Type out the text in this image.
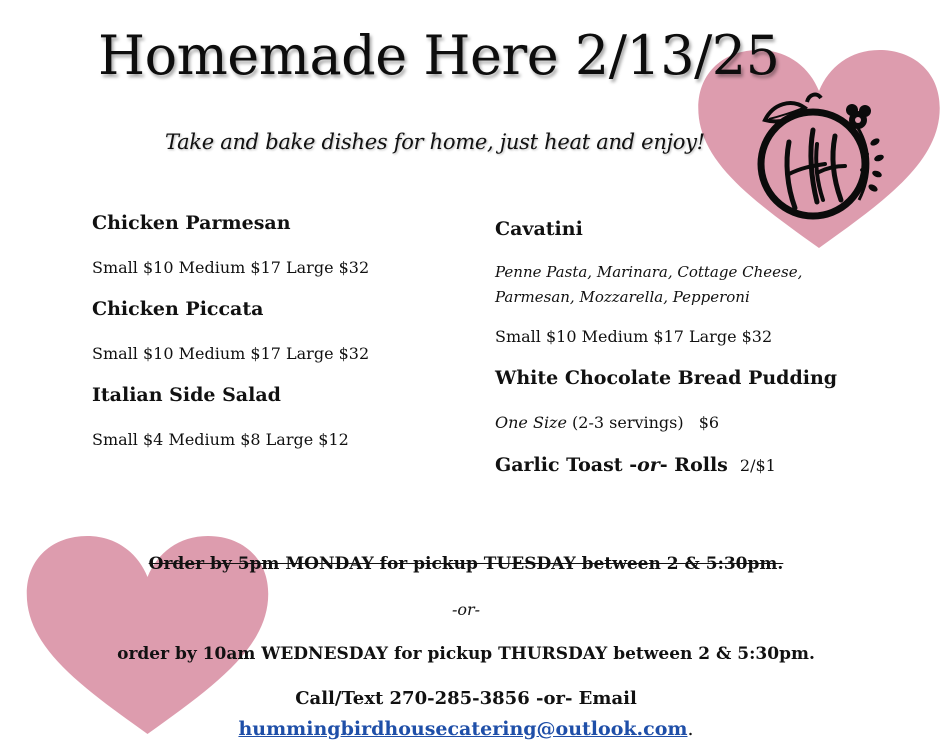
Homemade Here 2/13/25
Take and bake dishes for home, just heat and enjoy!
Chicken Parmesan
Small $10 Medium $17 Large $32
Chicken Piccata
Small $10 Medium $17 Large $32
Italian Side Salad
Small $4 Medium $8 Large $12
Cavatini
Penne Pasta, Marinara, Cottage Cheese,
Parmesan, Mozzarella, Pepperoni
Small $10 Medium $17 Large $32
White Chocolate Bread Pudding
One Size (2-3 servings) $6
Garlic Toast -or- Rolls 2/$1
Order by 5pm MONDAY for pickup TUESDAY between 2 & 5:30pm.
-or-
order by 10am WEDNESDAY for pickup THURSDAY between 2 & 5:30pm.
Call/Text 270-285-3856 -or- Email
hummingbirdhousecatering@outlook.com.
